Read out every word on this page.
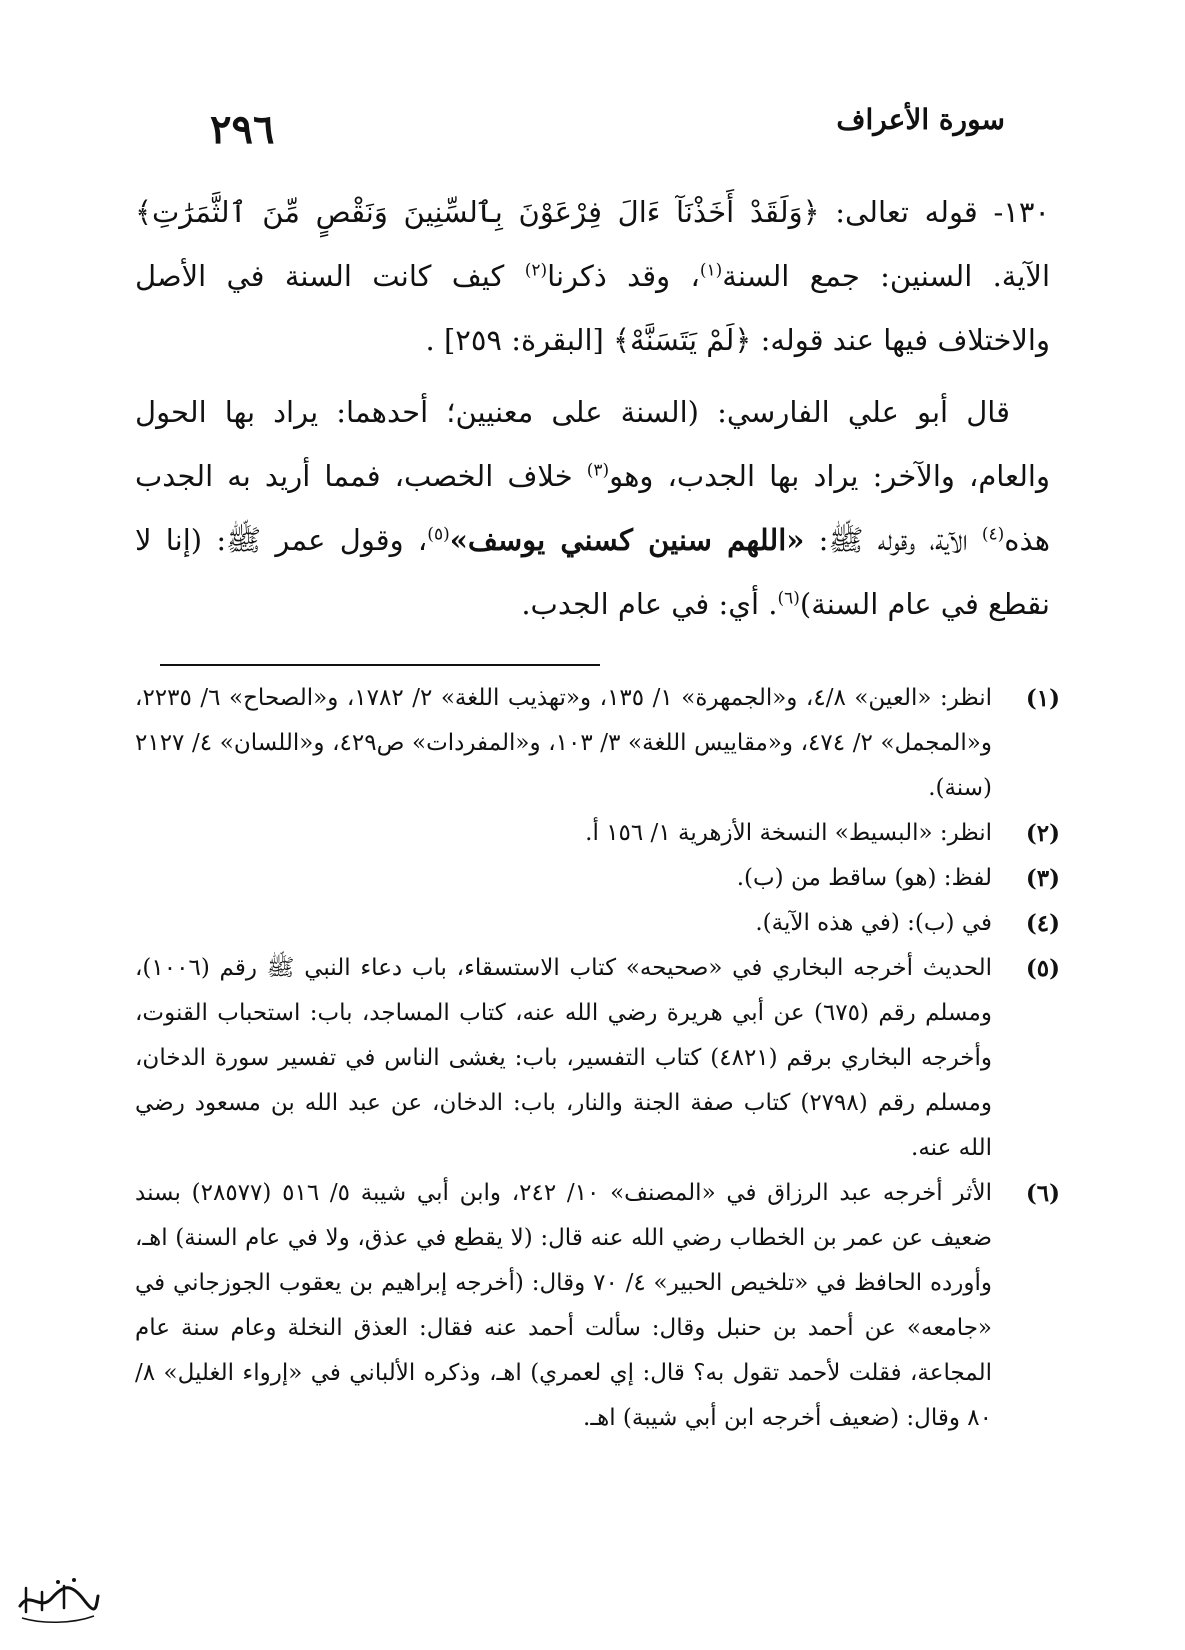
٢٩٦	سورة الأعراف

١٣٠- قوله تعالى: ﴿وَلَقَدْ أَخَذْنَآ ءَالَ فِرْعَوْنَ بِٱلسِّنِينَ وَنَقْصٍ مِّنَ ٱلثَّمَرَٰتِ﴾ الآية. السنين: جمع السنة$^{(١)}$، وقد ذكرنا$^{(٢)}$ كيف كانت السنة في الأصل والاختلاف فيها عند قوله: ﴿لَمْ يَتَسَنَّهْ﴾ [البقرة: ٢٥٩] .

قال أبو علي الفارسي: (السنة على معنيين؛ أحدهما: يراد بها الحول والعام، والآخر: يراد بها الجدب، وهو$^{(٣)}$ خلاف الخصب، فمما أريد به الجدب هذه$^{(٤)}$ الآية، وقوله ﷺ: «اللهم سنين كسني يوسف»$^{(٥)}$، وقول عمر ﷺ: (إنا لا نقطع في عام السنة)$^{(٦)}$. أي: في عام الجدب.

(١)
انظر: «العين» ٤/٨، و«الجمهرة» ١/ ١٣٥، و«تهذيب اللغة» ٢/ ١٧٨٢، و«الصحاح» ٦/ ٢٢٣٥، و«المجمل» ٢/ ٤٧٤، و«مقاييس اللغة» ٣/ ١٠٣، و«المفردات» ص٤٢٩، و«اللسان» ٤/ ٢١٢٧ (سنة).
(٢)
انظر: «البسيط» النسخة الأزهرية ١/ ١٥٦ أ.
(٣)
لفظ: (هو) ساقط من (ب).
(٤)
في (ب): (في هذه الآية).
(٥)
الحديث أخرجه البخاري في «صحيحه» كتاب الاستسقاء، باب دعاء النبي ﷺ رقم (١٠٠٦)، ومسلم رقم (٦٧٥) عن أبي هريرة رضي الله عنه، كتاب المساجد، باب: استحباب القنوت، وأخرجه البخاري برقم (٤٨٢١) كتاب التفسير، باب: يغشى الناس في تفسير سورة الدخان، ومسلم رقم (٢٧٩٨) كتاب صفة الجنة والنار، باب: الدخان، عن عبد الله بن مسعود رضي الله عنه.
(٦)
الأثر أخرجه عبد الرزاق في «المصنف» ١٠/ ٢٤٢، وابن أبي شيبة ٥/ ٥١٦ (٢٨٥٧٧) بسند ضعيف عن عمر بن الخطاب رضي الله عنه قال: (لا يقطع في عذق، ولا في عام السنة) اهـ، وأورده الحافظ في «تلخيص الحبير» ٤/ ٧٠ وقال: (أخرجه إبراهيم بن يعقوب الجوزجاني في «جامعه» عن أحمد بن حنبل وقال: سألت أحمد عنه فقال: العذق النخلة وعام سنة عام المجاعة، فقلت لأحمد تقول به؟ قال: إي لعمري) اهـ، وذكره الألباني في «إرواء الغليل» ٨/ ٨٠ وقال: (ضعيف أخرجه ابن أبي شيبة) اهـ.
